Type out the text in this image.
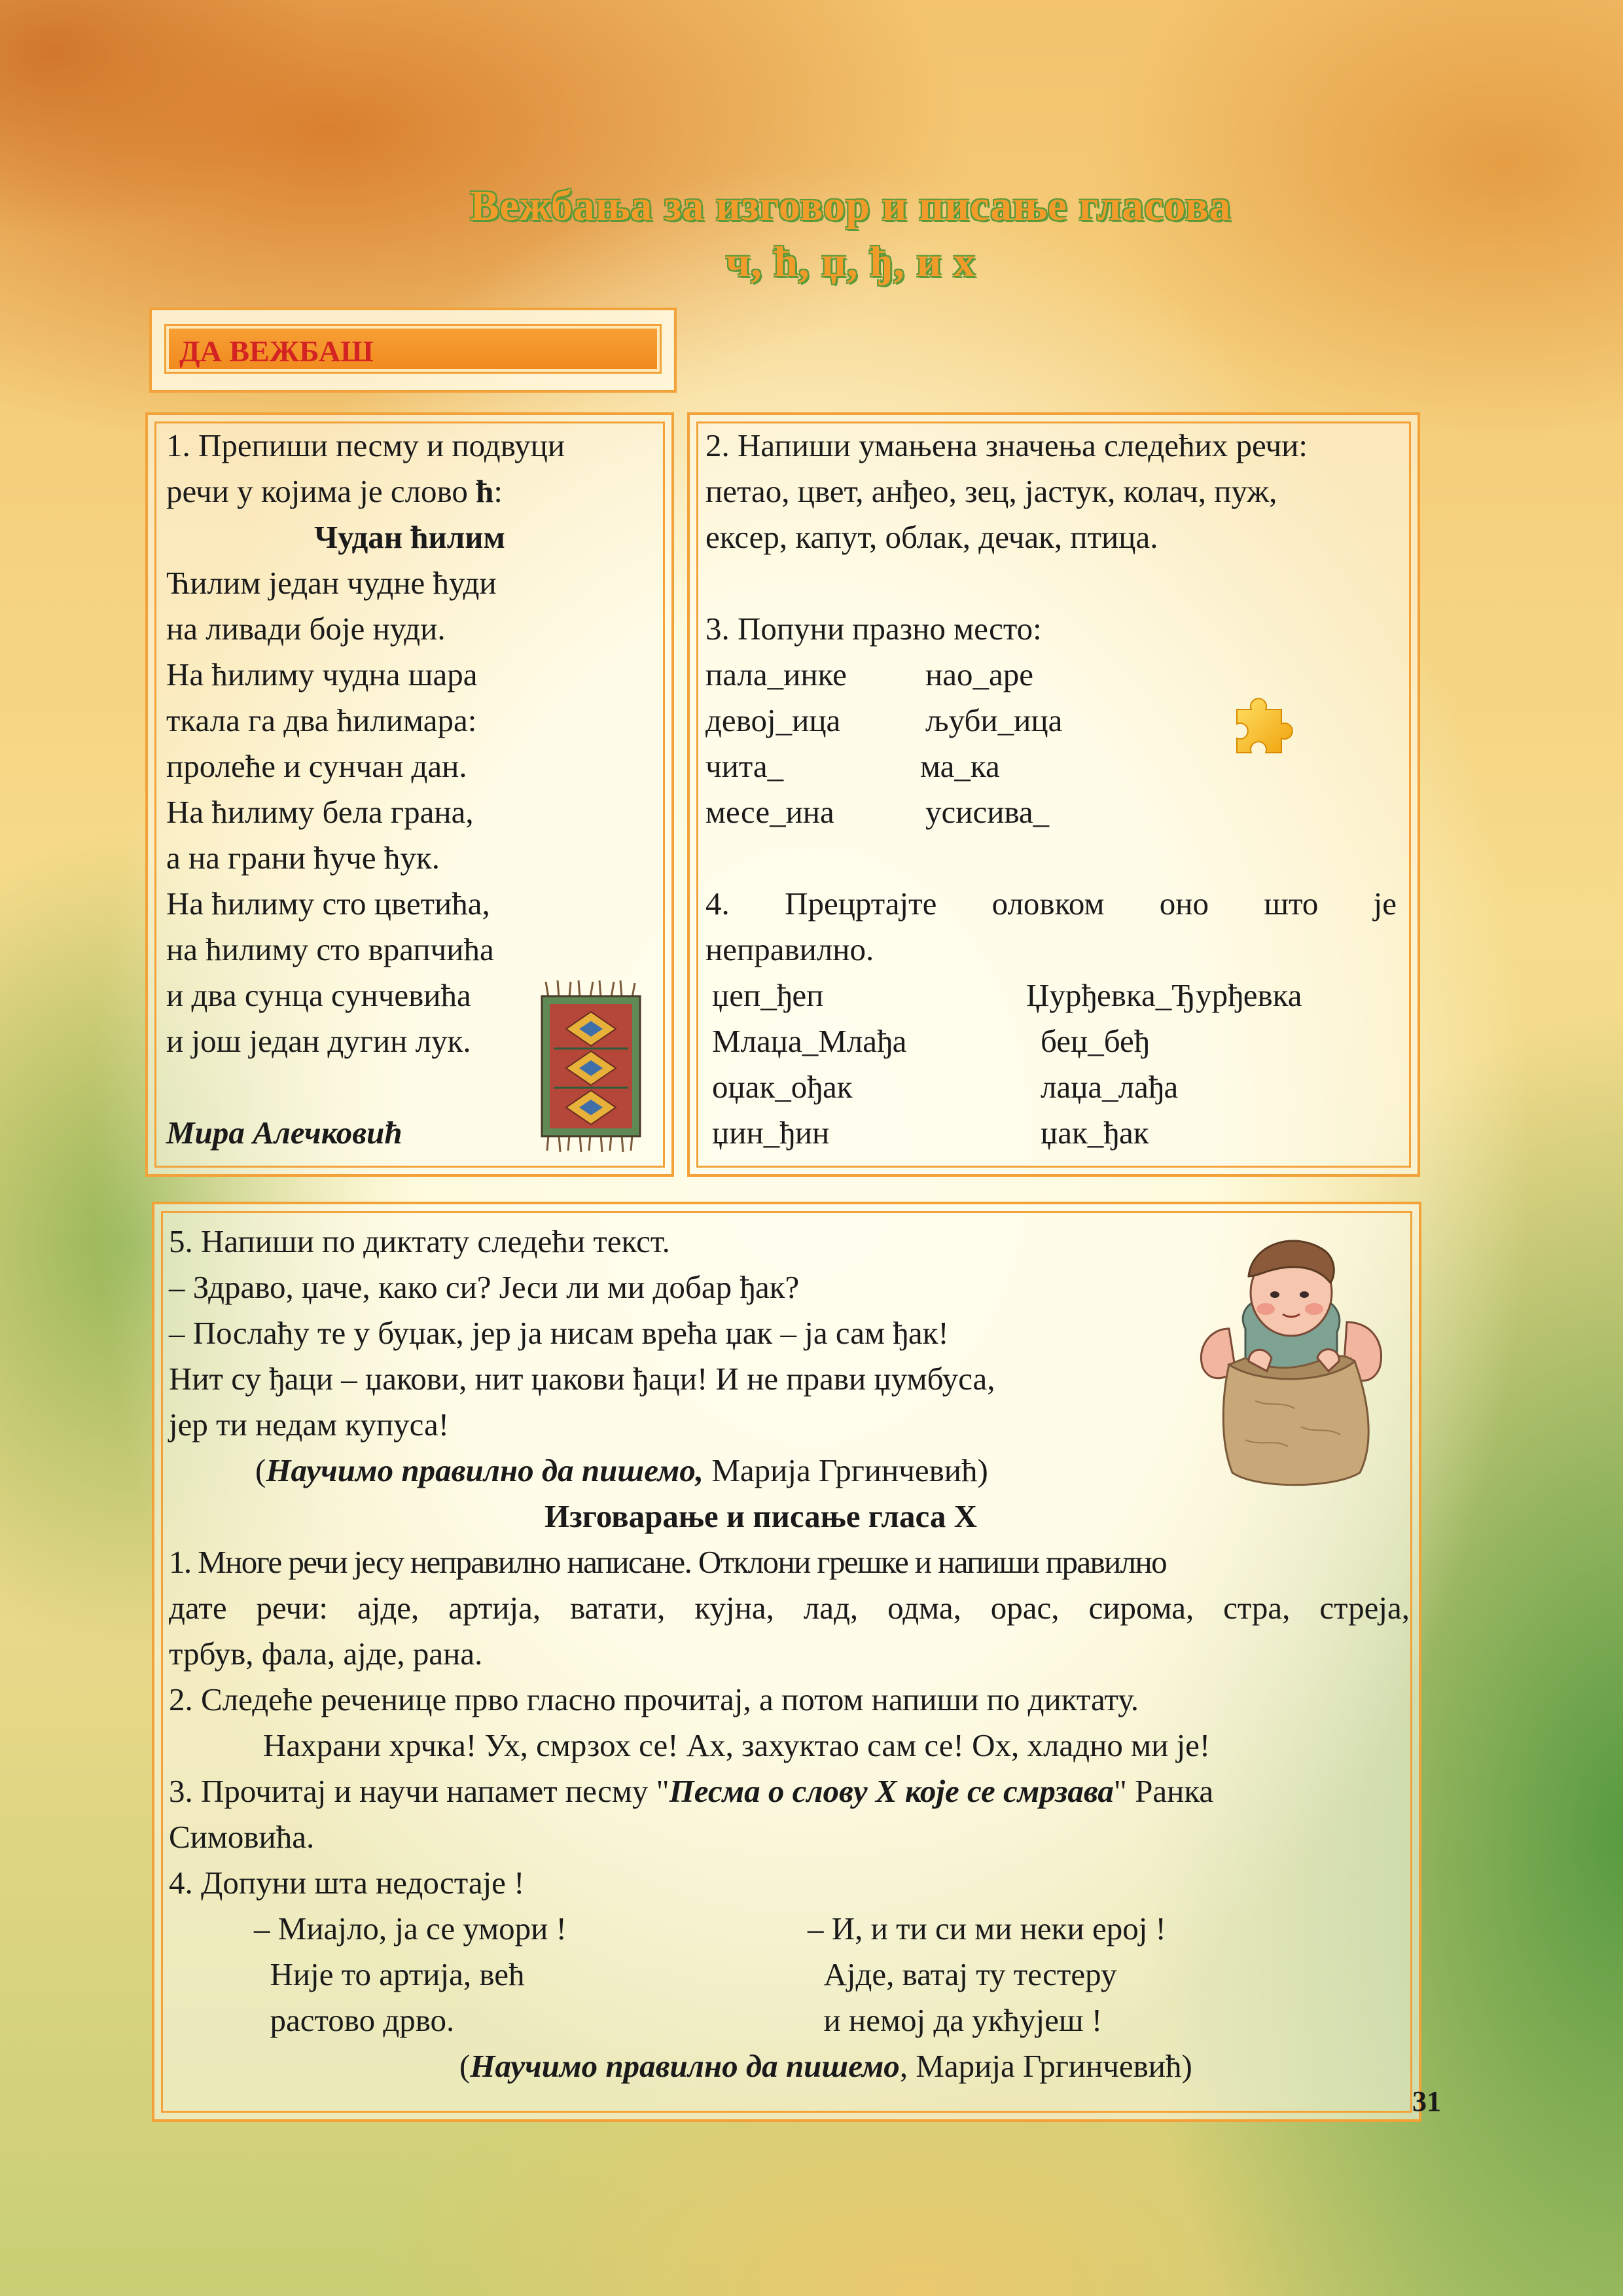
Вежбања за изговор и писање гласова
ч, ћ, џ, ђ, и х
ДА ВЕЖБАШ
1. Препиши песму и подвуци
речи у којима је слово ћ:
Чудан ћилим
Ћилим један чудне ћуди
на ливади боје нуди.
На ћилиму чудна шара
ткала га два ћилимара:
пролеће и сунчан дан.
На ћилиму бела грана,
а на грани ћуче ћук.
На ћилиму сто цветића,
на ћилиму сто врапчића
и два сунца сунчевића
и још један дугин лук.
Мира Алечковић
2. Напиши умањена значења следећих речи:
петао, цвет, анђео, зец, јастук, колач, пуж,
ексер, капут, облак, дечак, птица.
3. Попуни празно место:
пала_инке нао_аре
девој_ица	љуби_ица
чита_	ма_ка
месе_ина	усисива_
4. Прецртајте оловком оно што је
неправилно.
џеп_ђеп	Џурђевка_Ђурђевка
Млаџа_Млађа	беџ_беђ
оџак_ођак	лаџа_лађа
џин_ђин	џак_ђак
5. Напиши по диктату следећи текст.
– Здраво, џаче, како си? Јеси ли ми добар ђак?
– Послаћу те у буџак, јер ја нисам врећа џак – ја сам ђак!
Нит су ђаци – џакови, нит џакови ђаци! И не прави џумбуса,
јер ти недам купуса!
(Научимо правилно да пишемо, Марија Гргинчевић)
Изговарање и писање гласа Х
1. Многе речи јесу неправилно написане. Отклони грешке и напиши правилно
дате речи: ајде, артија, ватати, кујна, лад, одма, орас, сирома, стра, стреја,
трбув, фала, ајде, рана.
2. Следеће реченице прво гласно прочитај, а потом напиши по диктату.
Нахрани хрчка! Ух, смрзох се! Ах, захуктао сам се! Ох, хладно ми је!
3. Прочитај и научи напамет песму "Песма о слову Х које се смрзава" Ранка
Симовића.
4. Допуни шта недостаје !
– Миајло, ја се умори !
Није то артија, већ
растово дрво.
– И, и ти си ми неки ерој !
Ајде, ватај ту тестеру
и немој да укћујеш !
(Научимо правилно да пишемо, Марија Гргинчевић)
31
